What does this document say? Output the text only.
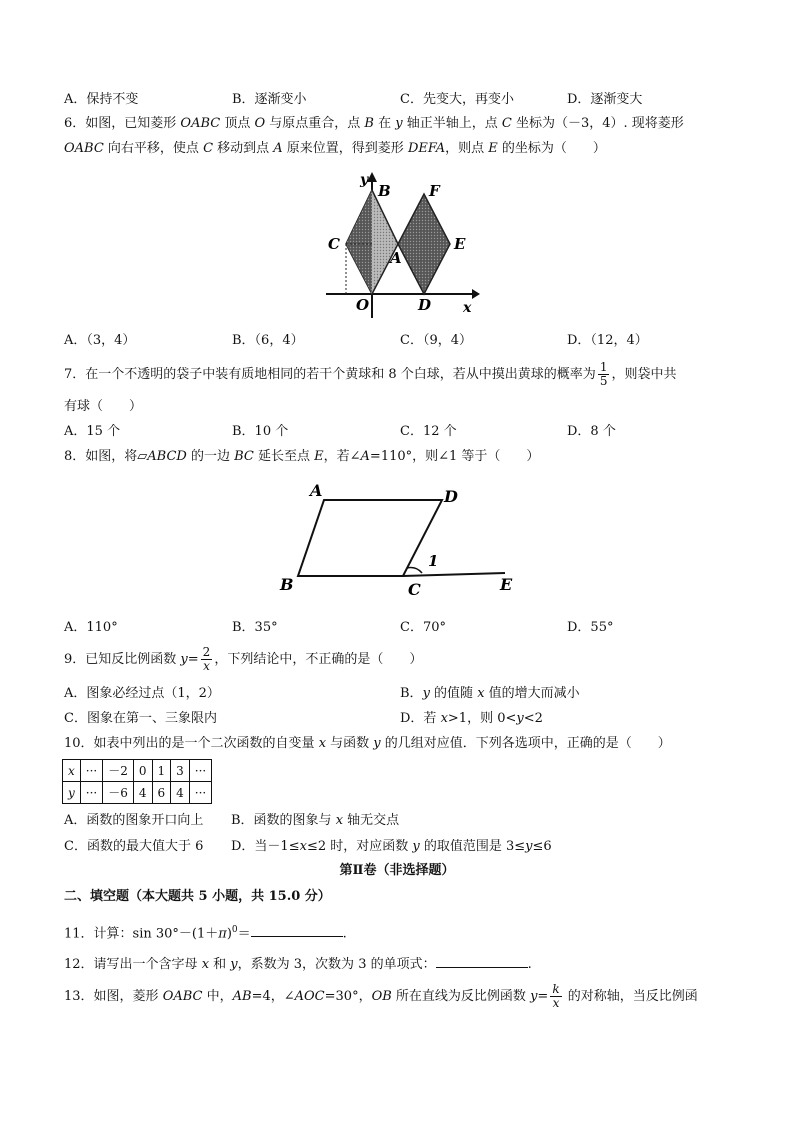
A．保持不变	B．逐渐变小	C．先变大，再变小	D．逐渐变大
6．如图，已知菱形 OABC 顶点 O 与原点重合，点 B 在 y 轴正半轴上，点 C 坐标为（－3，4）. 现将菱形
OABC 向右平移，使点 C 移动到点 A 原来位置，得到菱形 DEFA，则点 E 的坐标为（　　）
y
B	F
C
A
E
O	D x
A．（3，4）	B．（6，4）	C．（9，4）	D．（12，4）
7．在一个不透明的袋子中装有质地相同的若干个黄球和 8 个白球，若从中摸出黄球的概率为 $\frac{1}{5}$ ，则袋中共
有球（　　）
A．15 个	B．10 个	C．12 个	D．8 个
8．如图，将▱ABCD 的一边 BC 延长至点 E，若∠A=110°，则∠1 等于（　　）
A	D
B	C	E
1
A．110°	B．35°	C．70°	D．55°
9．已知反比例函数 $y= \frac{2}{x}$ ，下列结论中，不正确的是（　　）
A．图象必经过点（1，2）	B．y 的值随 x 值的增大而减小
C．图象在第一、三象限内	D．若 x>1，则 0<y<2
10．如表中列出的是一个二次函数的自变量 x 与函数 y 的几组对应值．下列各选项中，正确的是（　　）
x	···	－2	0	1	3	···
y	···	－6	4	6	4	···
A．函数的图象开口向上 B．函数的图象与 x 轴无交点
C．函数的最大值大于 6 D．当－1≤x≤2 时，对应函数 y 的取值范围是 3≤y≤6
第Ⅱ卷（非选择题）
二、填空题（本大题共 5 小题，共 15.0 分）
11．计算：$\sin 30^\circ-(1+\pi)^0=$	.
12．请写出一个含字母 x 和 y，系数为 3，次数为 3 的单项式：	.
13．如图，菱形 OABC 中，AB=4，∠AOC=30°，OB 所在直线为反比例函数 $y= \frac{k}{x}$ 的对称轴，当反比例函
